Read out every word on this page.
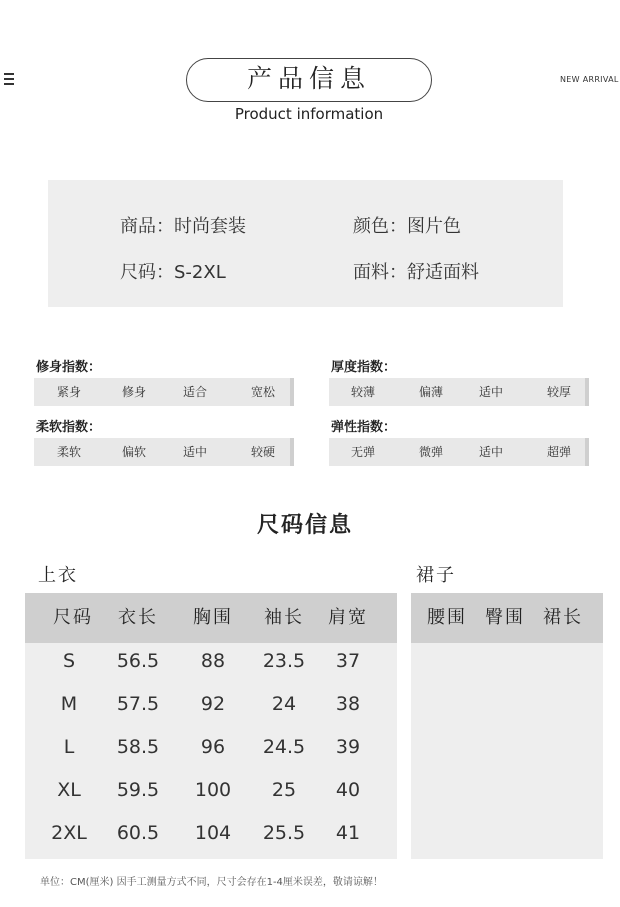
产品信息
Product information
NEW ARRIVAL
商品：时尚套装	颜色：图片色
尺码：S-2XL	面料：舒适面料
修身指数：
紧身	修身	适合	宽松
厚度指数：
较薄	偏薄	适中	较厚
柔软指数：
柔软	偏软	适中	较硬
弹性指数：
无弹	微弹	适中	超弹
尺码信息
上衣	裙子
尺码	衣长	胸围	袖长	肩宽
S	56.5	88	23.5	37
M	57.5	92	24	38
L	58.5	96	24.5	39
XL	59.5	100	25	40
2XL	60.5	104	25.5	41
腰围	臀围	裙长
单位：CM(厘米) 因手工测量方式不同，尺寸会存在1-4厘米误差，敬请谅解！
